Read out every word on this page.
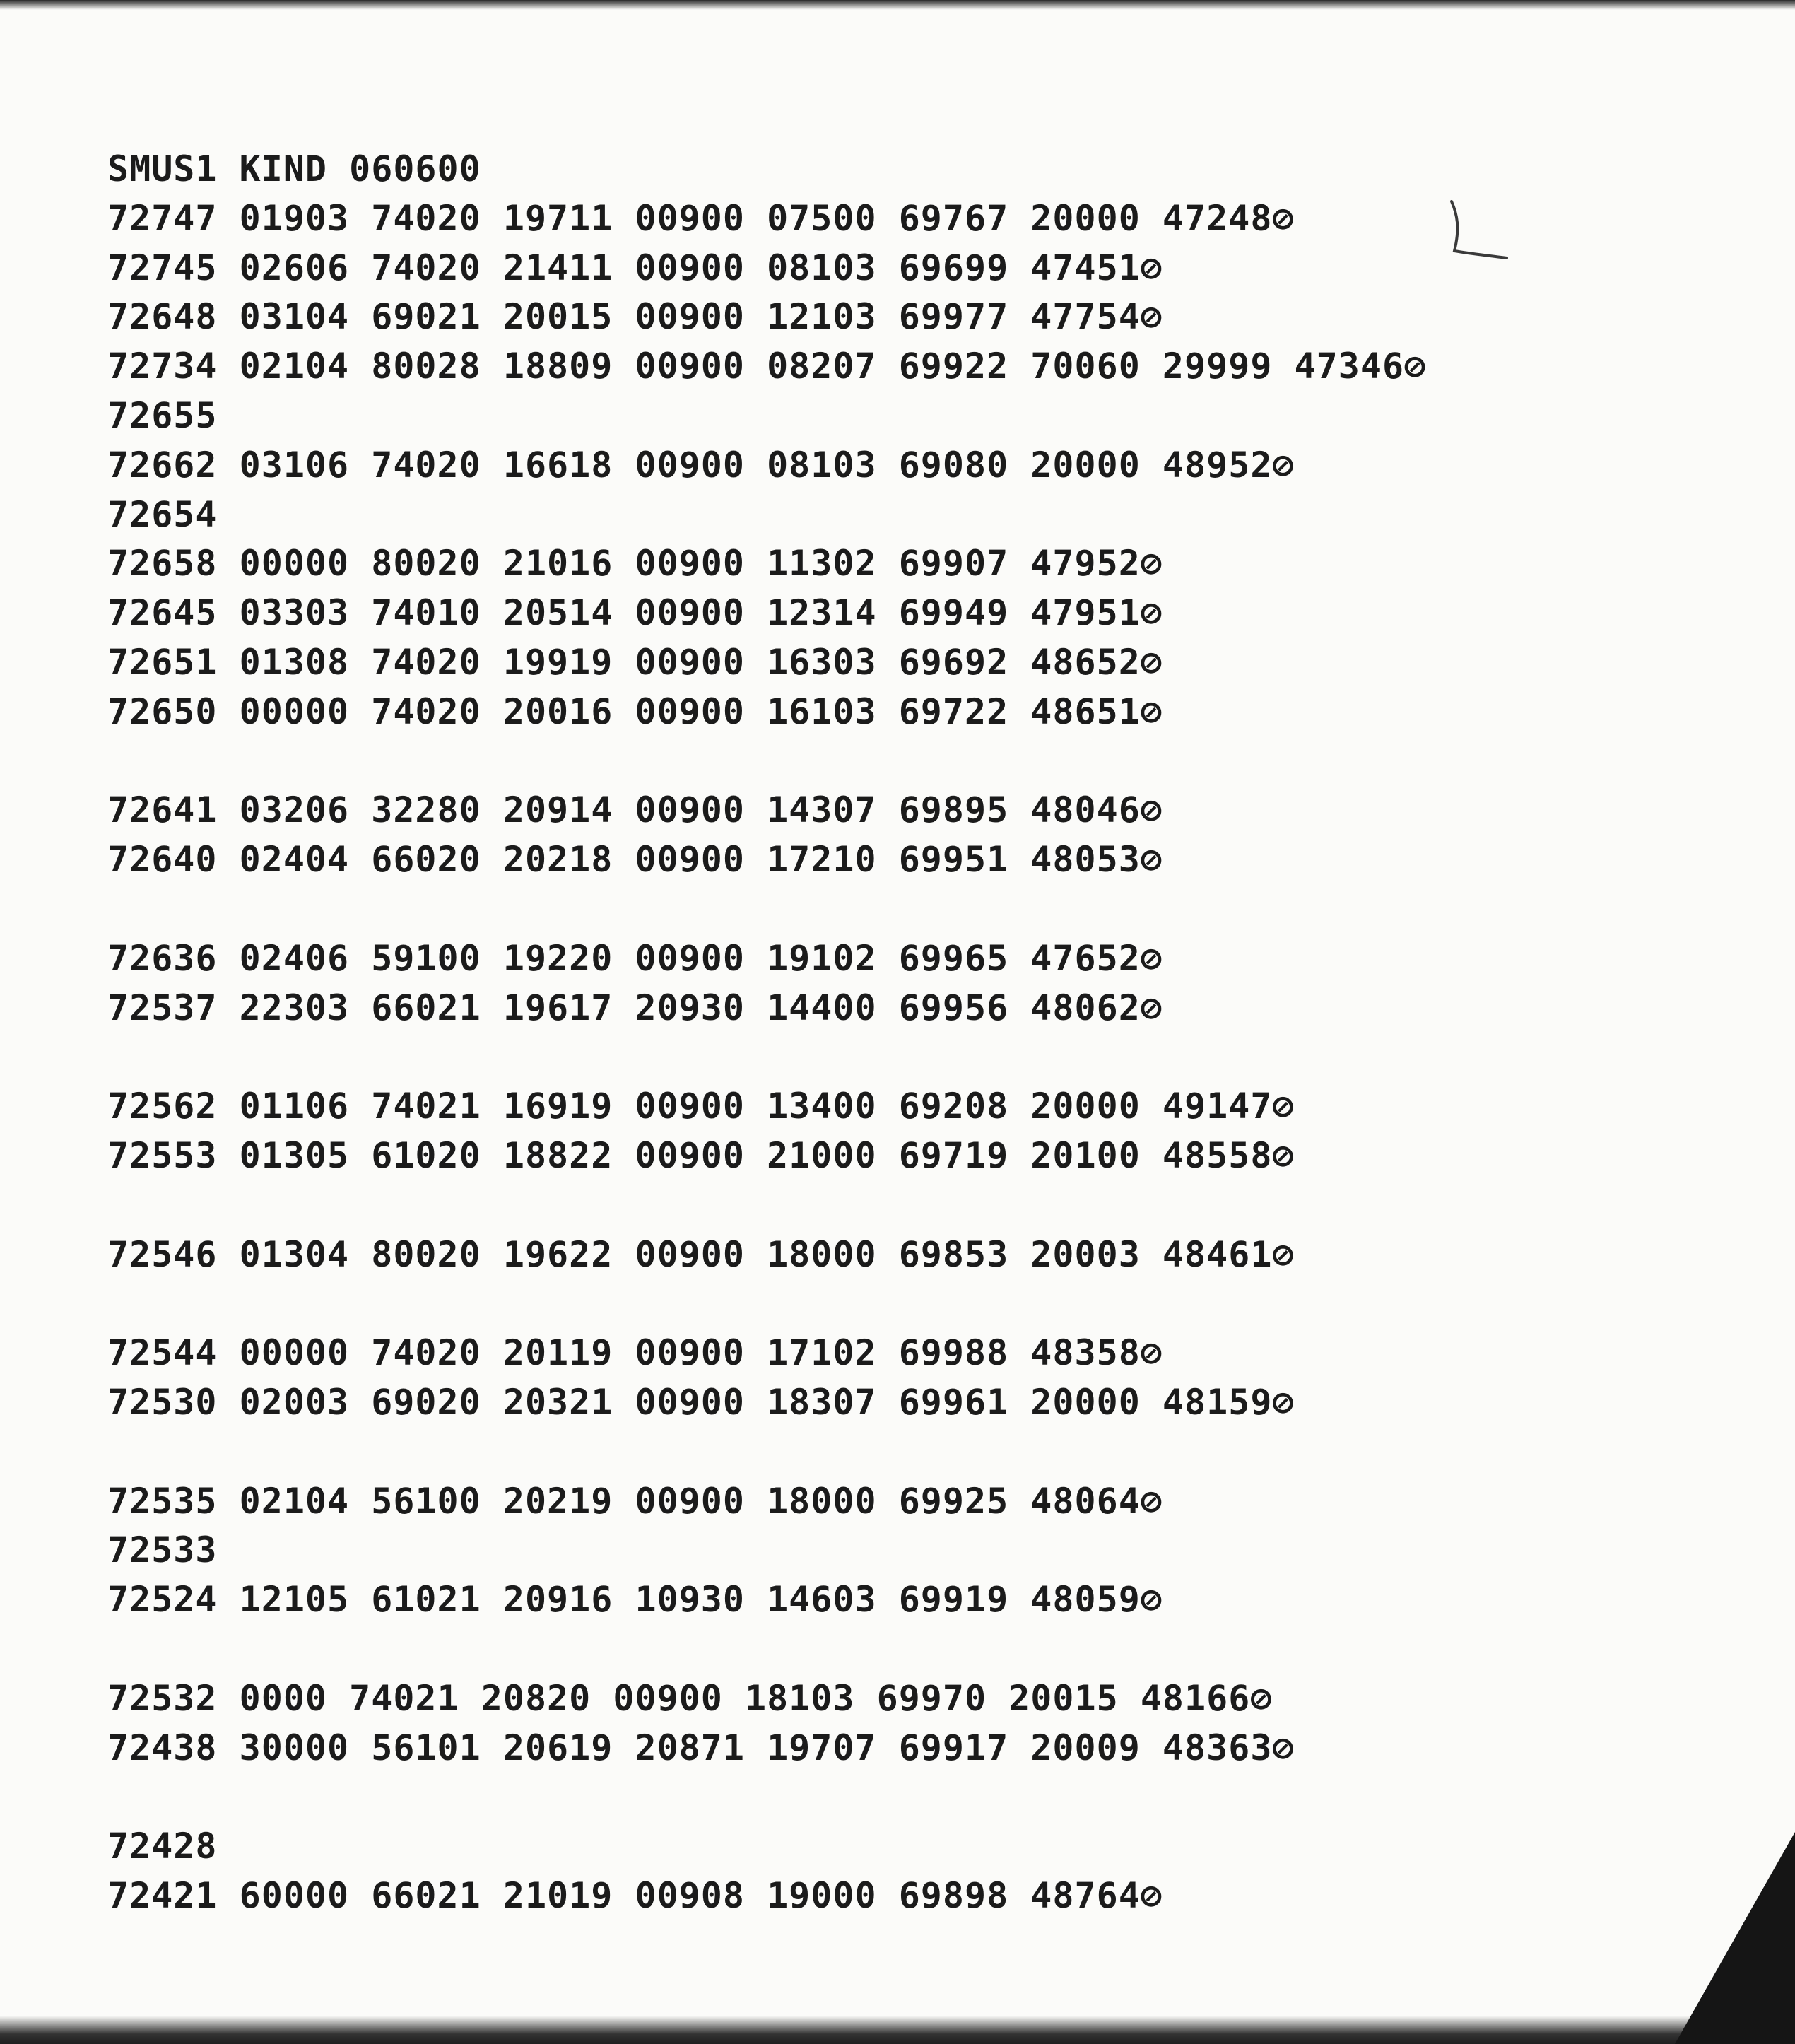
SMUS1 KIND 060600
72747 01903 74020 19711 00900 07500 69767 20000 47248⊘
72745 02606 74020 21411 00900 08103 69699 47451⊘
72648 03104 69021 20015 00900 12103 69977 47754⊘
72734 02104 80028 18809 00900 08207 69922 70060 29999 47346⊘
72655
72662 03106 74020 16618 00900 08103 69080 20000 48952⊘
72654
72658 00000 80020 21016 00900 11302 69907 47952⊘
72645 03303 74010 20514 00900 12314 69949 47951⊘
72651 01308 74020 19919 00900 16303 69692 48652⊘
72650 00000 74020 20016 00900 16103 69722 48651⊘
72641 03206 32280 20914 00900 14307 69895 48046⊘
72640 02404 66020 20218 00900 17210 69951 48053⊘
72636 02406 59100 19220 00900 19102 69965 47652⊘
72537 22303 66021 19617 20930 14400 69956 48062⊘
72562 01106 74021 16919 00900 13400 69208 20000 49147⊘
72553 01305 61020 18822 00900 21000 69719 20100 48558⊘
72546 01304 80020 19622 00900 18000 69853 20003 48461⊘
72544 00000 74020 20119 00900 17102 69988 48358⊘
72530 02003 69020 20321 00900 18307 69961 20000 48159⊘
72535 02104 56100 20219 00900 18000 69925 48064⊘
72533
72524 12105 61021 20916 10930 14603 69919 48059⊘
72532 0000 74021 20820 00900 18103 69970 20015 48166⊘
72438 30000 56101 20619 20871 19707 69917 20009 48363⊘
72428
72421 60000 66021 21019 00908 19000 69898 48764⊘
